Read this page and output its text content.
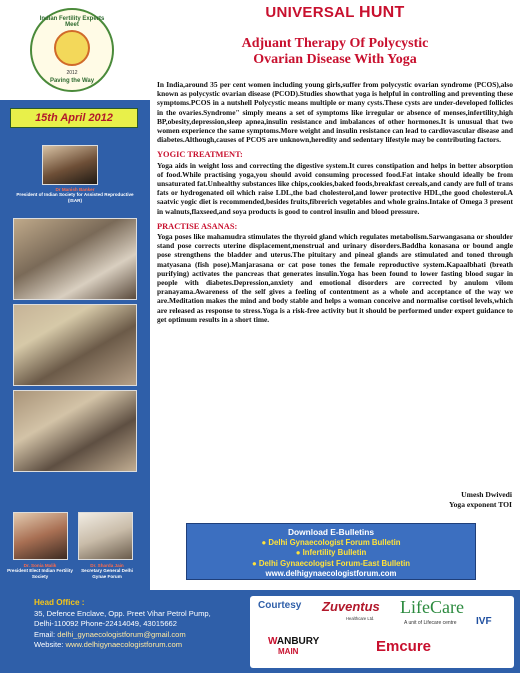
Indian Fertility Experts Meet
2012
Paving the Way
15th April 2012
Dr Manish Banker
President of Indian Society for Assisted Reproductive (ISAR)
Dr. Sonia Malik
President Elect Indian Fertility Society
Dr. Sharda Jain
Secretary General Delhi Gynae Forum
UNIVERSAL HUNT
Adjuant Therapy Of Polycystic
Ovarian Disease With Yoga

In India,around 35 per cent women including young girls,suffer from polycystic ovarian syndrome (PCOS),also known as polycystic ovarian disease (PCOD).Studies showthat yoga is helpful in controlling and preventing these symptoms.PCOS in a nutshell Polycystic means multiple or many cysts.These cysts are under-developed follicles in the ovaries.Syndrome" simply means a set of symptoms like irregular or absence of menses,infertility,high BP,obesity,depression,sleep apnea,insulin resistance and imbalances of other hormones.It is unusual that two women experience the same symptoms.More weight and insulin resistance can lead to cardiovascular disease and diabetes.Although,causes of PCOS are unknown,heredity and sedentary lifestyle may be contributing factors.

YOGIC TREATMENT:

Yoga aids in weight loss and correcting the digestive system.It cures constipation and helps in better absorption of food.While practising yoga,you should avoid consuming processed food.Fat intake should ideally be from unsaturated fat.Unhealthy substances like chips,cookies,baked foods,breakfast cereals,and candy are full of trans fats or hydrogenated oil which raise LDL,the bad cholesterol,and lower protective HDL,the good cholesterol.A saatvic yogic diet is recommended,besides fruits,fibrerich vegetables and whole grains.Intake of Omega 3 present in walnuts,flaxseed,and soya products is good to control insulin and blood pressure.

PRACTISE ASANAS:

Yoga poses like mahamudra stimulates the thyroid gland which regulates metabolism.Sarwangasana or shoulder stand pose corrects uterine displacement,menstrual and urinary disorders.Baddha konasana or bound angle pose strengthens the bladder and uterus.The pituitary and pineal glands are stimulated and toned through matyasana (fish pose).Manjarasana or cat pose tones the female reproductive system.Kapaalbhati (breath purifying) activates the pancreas that generates insulin.Yoga has been found to lower fasting blood sugar in people with diabetes.Depression,anxiety and emotional disorders are corrected by anulom vilom pranayama.Awareness of the self gives a feeling of contentment as a whole and acceptance of the way we are.Meditation makes the mind and body stable and helps a woman conceive and normalise cortisol levels,which are released as response to stress.Yoga is a risk-free activity but it should be performed under expert guidance to get optimum results in a short time.

Umesh Dwivedi
Yoga exponent TOI
Download E-Bulletins
● Delhi Gynaecologist Forum Bulletin
● Infertility Bulletin
● Delhi Gynaecologist Forum-East Bulletin
www.delhigynaecologistforum.com
Head Office :
35, Defence Enclave, Opp. Preet Vihar Petrol Pump,
Delhi-110092 Phone-22414049, 43015662
Email: delhi_gynaecologistforum@gmail.com
Website: www.delhigynaecologistforum.com
Courtesy Zuventus
Healthcare Ltd.
LifeCare
A unit of Lifecare centre IVF
WANBURY
MAIN	Emcure
